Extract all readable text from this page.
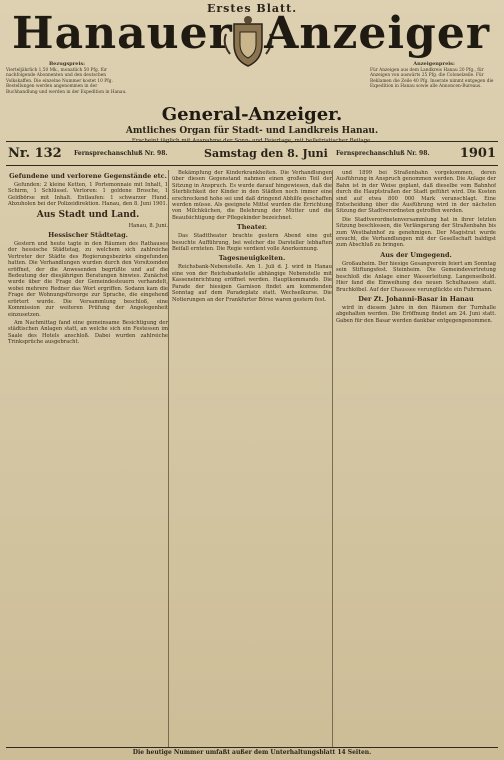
Erstes Blatt.
Hanauer Anzeiger
Bezugspreis:
Vierteljährlich 1,50 Mk., monatlich 50 Pfg. für nachfolgende Abonnenten und den deutschen Volkskaffen. Die einzelne Nummer kostet 10 Pfg. Bestellungen werden angenommen in der Buchhandlung und werden in der Expedition in Hanau.
Anzeigenpreis:
Für Anzeigen aus dem Landkreis Hanau 20 Pfg., für Anzeigen von auswärts 25 Pfg. die Colonelzeile. Für Reklamen die Zeile 40 Pfg. Inserate nimmt entgegen die Expedition in Hanau sowie alle Annoncen-Bureaus.
General-Anzeiger.
Amtliches Organ für Stadt- und Landkreis Hanau.
Nr. 132 Fernsprechanschluß Nr. 98.	Samstag den 8. Juni Fernsprechanschluß Nr. 98. 1901
Gefundene und verlorene Gegenstände etc.

Gefunden: 2 kleine Ketten, 1 Portemonnaie mit Inhalt, 1 Schirm, 1 Schlüssel. Verloren: 1 goldene Brosche, 1 Geldbörse mit Inhalt. Entlaufen: 1 schwarzer Hund. Abzuholen bei der Polizeidirektion. Hanau, den 8. Juni 1901.

Aus Stadt und Land.
Hanau, 8. Juni.
Hessischer Städtetag.

Gestern und heute tagte in den Räumen des Rathauses der hessische Städtetag, zu welchem sich zahlreiche Vertreter der Städte des Regierungsbezirks eingefunden hatten. Die Verhandlungen wurden durch den Vorsitzenden eröffnet, der die Anwesenden begrüßte und auf die Bedeutung der diesjährigen Beratungen hinwies. Zunächst wurde über die Frage der Gemeindesteuern verhandelt, wobei mehrere Redner das Wort ergriffen. Sodann kam die Frage der Wohnungsfürsorge zur Sprache, die eingehend erörtert wurde. Die Versammlung beschloß, eine Kommission zur weiteren Prüfung der Angelegenheit einzusetzen.

Am Nachmittag fand eine gemeinsame Besichtigung der städtischen Anlagen statt, an welche sich ein Festessen im Saale des Hotels anschloß. Dabei wurden zahlreiche Trinksprüche ausgebracht.

Bekämpfung der Kinderkrankheiten. Die Verhandlungen über diesen Gegenstand nahmen einen großen Teil der Sitzung in Anspruch. Es wurde darauf hingewiesen, daß die Sterblichkeit der Kinder in den Städten noch immer eine erschreckend hohe sei und daß dringend Abhilfe geschaffen werden müsse. Als geeignete Mittel wurden die Errichtung von Milchküchen, die Belehrung der Mütter und die Beaufsichtigung der Pflegekinder bezeichnet.

Theater.

Das Stadttheater brachte gestern Abend eine gut besuchte Aufführung, bei welcher die Darsteller lebhaften Beifall ernteten. Die Regie verdient volle Anerkennung.

Tagesneuigkeiten.

Reichsbank-Nebenstelle. Am 1. Juli d. J. wird in Hanau eine von der Reichsbankstelle abhängige Nebenstelle mit Kasseneinrichtung eröffnet werden. Hauptkommando. Die Parade der hiesigen Garnison findet am kommenden Sonntag auf dem Paradeplatz statt. Wechselkurse. Die Notierungen an der Frankfurter Börse waren gestern fest.

und 1899 bei Straßenbahn vorgekommen, deren Ausführung in Anspruch genommen werden. Die Anlage der Bahn ist in der Weise geplant, daß dieselbe vom Bahnhof durch die Hauptstraßen der Stadt geführt wird. Die Kosten sind auf etwa 800 000 Mark veranschlagt. Eine Entscheidung über die Ausführung wird in der nächsten Sitzung der Stadtverordneten getroffen werden.

Die Stadtverordnetenversammlung hat in ihrer letzten Sitzung beschlossen, die Verlängerung der Straßenbahn bis zum Westbahnhof zu genehmigen. Der Magistrat wurde ersucht, die Verhandlungen mit der Gesellschaft baldigst zum Abschluß zu bringen.

Aus der Umgegend.

Großauheim. Der hiesige Gesangverein feiert am Sonntag sein Stiftungsfest. Steinheim. Die Gemeindevertretung beschloß die Anlage einer Wasserleitung. Langenselbold. Hier fand die Einweihung des neuen Schulhauses statt. Bruchköbel. Auf der Chaussee verunglückte ein Fuhrmann.

Der Zt. Johanni-Basar in Hanau

wird in diesem Jahre in den Räumen der Turnhalle abgehalten werden. Die Eröffnung findet am 24. Juni statt. Gaben für den Basar werden dankbar entgegengenommen.

Die heutige Nummer umfaßt außer dem Unterhaltungsblatt 14 Seiten.
